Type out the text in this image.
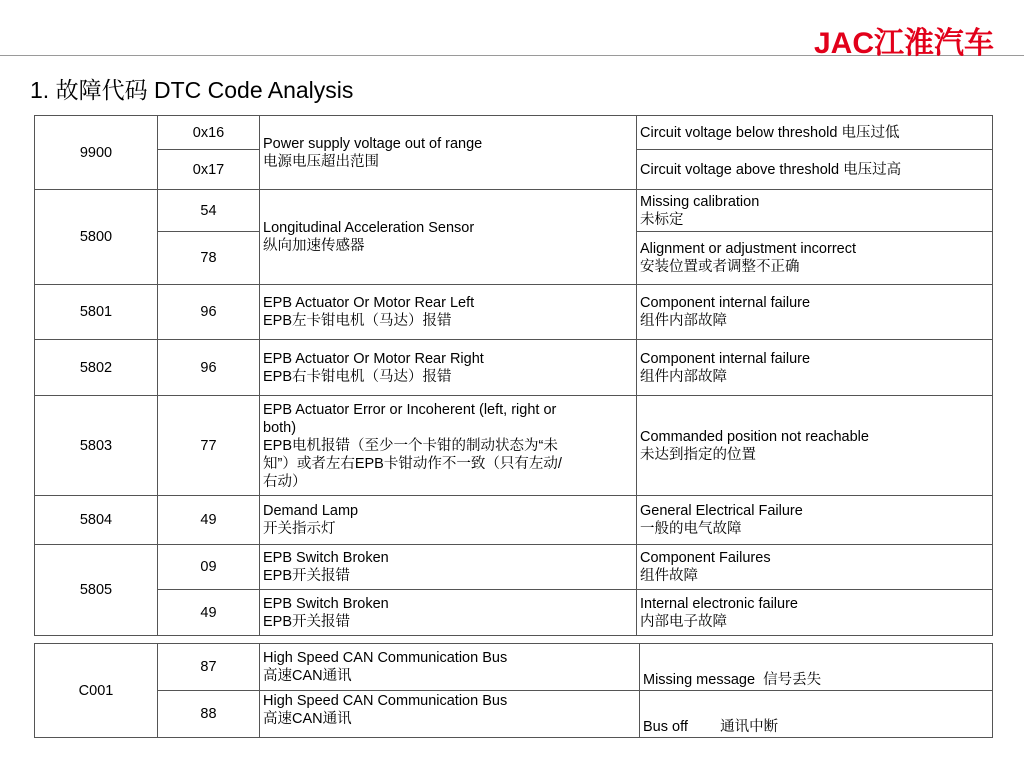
JAC江淮汽车
1. 故障代码 DTC Code Analysis
9900	0x16	Power supply voltage out of range
电源电压超出范围	Circuit voltage below threshold 电压过低

	0x17		Circuit voltage above threshold 电压过高

5800	54	Longitudinal Acceleration Sensor
纵向加速传感器	Missing calibration
未标定

	78		Alignment or adjustment incorrect
安装位置或者调整不正确

5801	96	EPB Actuator Or Motor Rear Left
EPB左卡钳电机（马达）报错	Component internal failure
组件内部故障

5802	96	EPB Actuator Or Motor Rear Right
EPB右卡钳电机（马达）报错	Component internal failure
组件内部故障

5803	77	EPB Actuator Error or Incoherent (left, right or
both)
EPB电机报错（至少一个卡钳的制动状态为“未
知”）或者左右EPB卡钳动作不一致（只有左动/
右动）	Commanded position not reachable
未达到指定的位置

5804	49	Demand Lamp
开关指示灯	General Electrical Failure
一般的电气故障

5805	09	EPB Switch Broken
EPB开关报错	Component Failures
组件故障

	49	EPB Switch Broken
EPB开关报错	Internal electronic failure
内部电子故障
C001	87	High Speed CAN Communication Bus
高速CAN通讯	Missing message  信号丢失

	88	High Speed CAN Communication Bus
高速CAN通讯	Bus off        通讯中断
